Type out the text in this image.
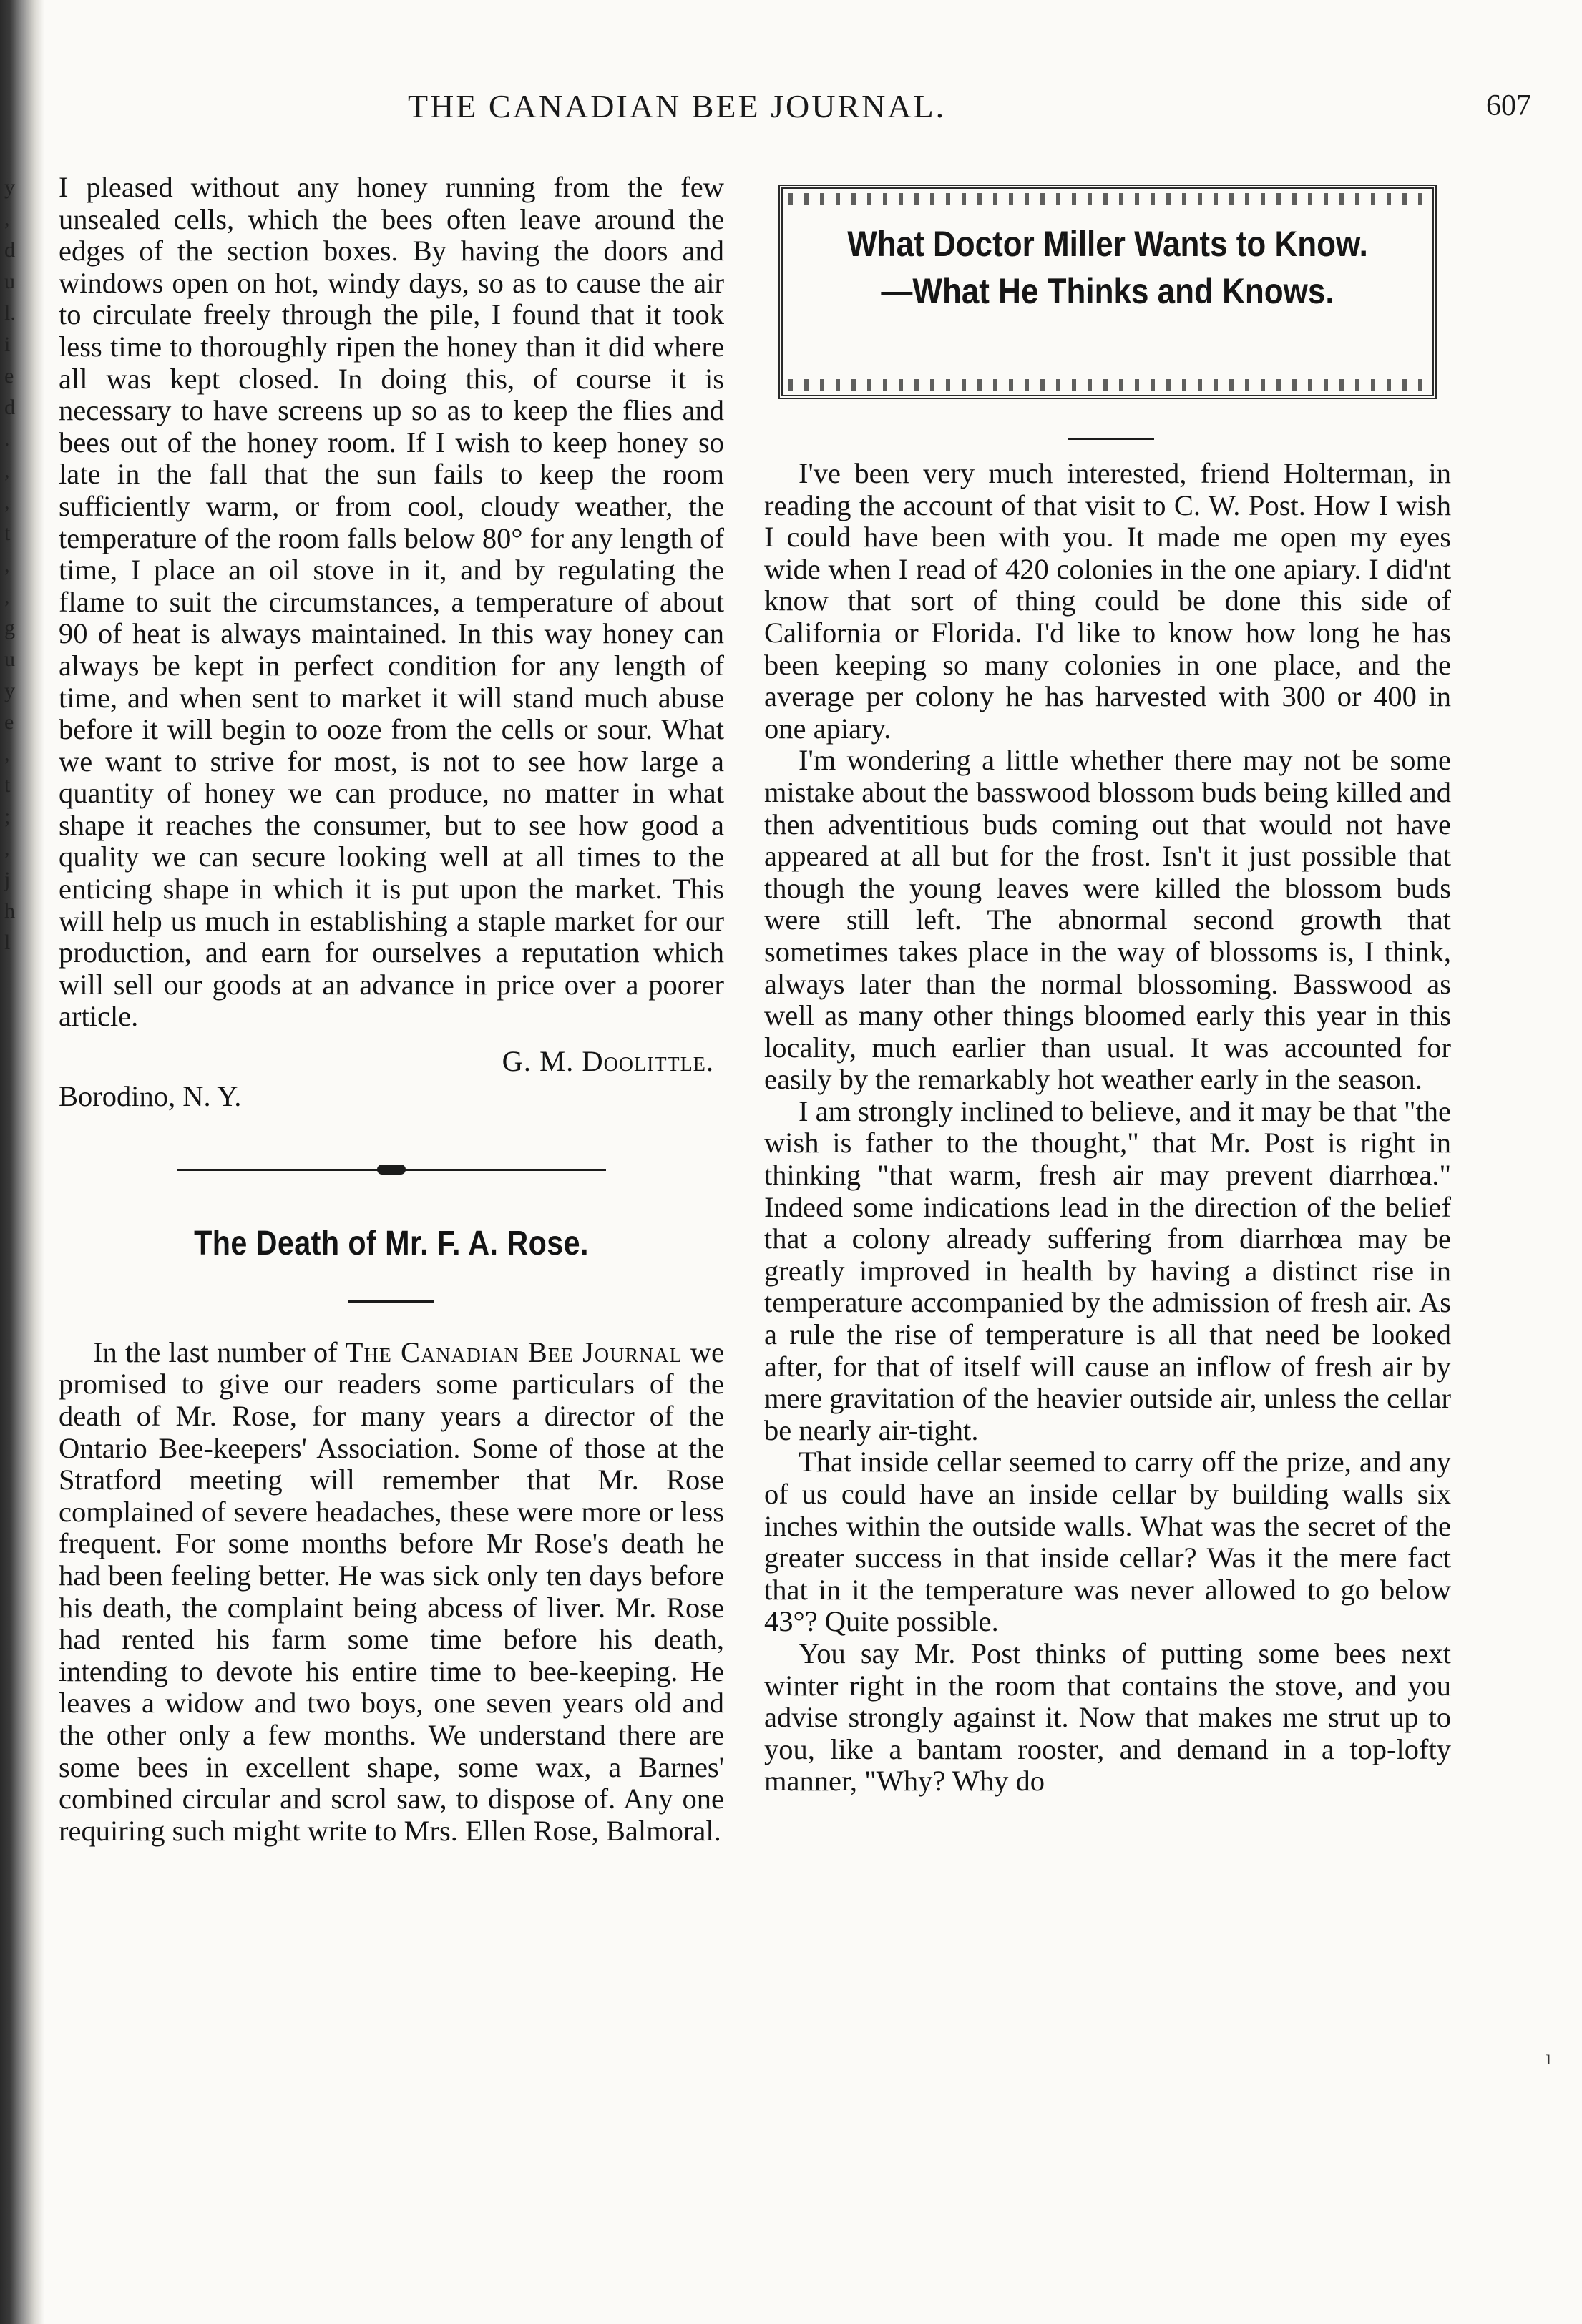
y
,
d
u
l.
i
e
d
.
,
,
t
,
,
g
u
y
e
,
t
;
,
j
h
l
THE CANADIAN BEE JOURNAL.	607

I pleased without any honey running from the few unsealed cells, which the bees often leave around the edges of the section boxes. By having the doors and windows open on hot, windy days, so as to cause the air to circulate freely through the pile, I found that it took less time to thoroughly ripen the honey than it did where all was kept closed. In doing this, of course it is necessary to have screens up so as to keep the flies and bees out of the honey room. If I wish to keep honey so late in the fall that the sun fails to keep the room sufficiently warm, or from cool, cloudy weather, the temperature of the room falls below 80° for any length of time, I place an oil stove in it, and by regulating the flame to suit the circumstances, a temperature of about 90 of heat is always maintained. In this way honey can always be kept in perfect condition for any length of time, and when sent to market it will stand much abuse before it will begin to ooze from the cells or sour. What we want to strive for most, is not to see how large a quantity of honey we can produce, no matter in what shape it reaches the consumer, but to see how good a quality we can secure looking well at all times to the enticing shape in which it is put upon the market. This will help us much in establishing a staple market for our production, and earn for ourselves a reputation which will sell our goods at an advance in price over a poorer article.

G. M. Doolittle.
Borodino, N. Y.
The Death of Mr. F. A. Rose.

In the last number of The Canadian Bee Journal we promised to give our readers some particulars of the death of Mr. Rose, for many years a director of the Ontario Bee-keepers' Association. Some of those at the Stratford meeting will remember that Mr. Rose complained of severe headaches, these were more or less frequent. For some months before Mr Rose's death he had been feeling better. He was sick only ten days before his death, the complaint being abcess of liver. Mr. Rose had rented his farm some time before his death, intending to devote his entire time to bee-keeping. He leaves a widow and two boys, one seven years old and the other only a few months. We understand there are some bees in excellent shape, some wax, a Barnes' combined circular and scrol saw, to dispose of. Any one requiring such might write to Mrs. Ellen Rose, Balmoral.

What Doctor Miller Wants to Know.—What He Thinks and Knows.

I've been very much interested, friend Holterman, in reading the account of that visit to C. W. Post. How I wish I could have been with you. It made me open my eyes wide when I read of 420 colonies in the one apiary. I did'nt know that sort of thing could be done this side of California or Florida. I'd like to know how long he has been keeping so many colonies in one place, and the average per colony he has harvested with 300 or 400 in one apiary.

I'm wondering a little whether there may not be some mistake about the basswood blossom buds being killed and then adventitious buds coming out that would not have appeared at all but for the frost. Isn't it just possible that though the young leaves were killed the blossom buds were still left. The abnormal second growth that sometimes takes place in the way of blossoms is, I think, always later than the normal blossoming. Basswood as well as many other things bloomed early this year in this locality, much earlier than usual. It was accounted for easily by the remarkably hot weather early in the season.

I am strongly inclined to believe, and it may be that "the wish is father to the thought," that Mr. Post is right in thinking "that warm, fresh air may prevent diarrhœa." Indeed some indications lead in the direction of the belief that a colony already suffering from diarrhœa may be greatly improved in health by having a distinct rise in temperature accompanied by the admission of fresh air. As a rule the rise of temperature is all that need be looked after, for that of itself will cause an inflow of fresh air by mere gravitation of the heavier outside air, unless the cellar be nearly air-tight.

That inside cellar seemed to carry off the prize, and any of us could have an inside cellar by building walls six inches within the outside walls. What was the secret of the greater success in that inside cellar? Was it the mere fact that in it the temperature was never allowed to go below 43°? Quite possible.

You say Mr. Post thinks of putting some bees next winter right in the room that contains the stove, and you advise strongly against it. Now that makes me strut up to you, like a bantam rooster, and demand in a top-lofty manner, "Why? Why do

ı
